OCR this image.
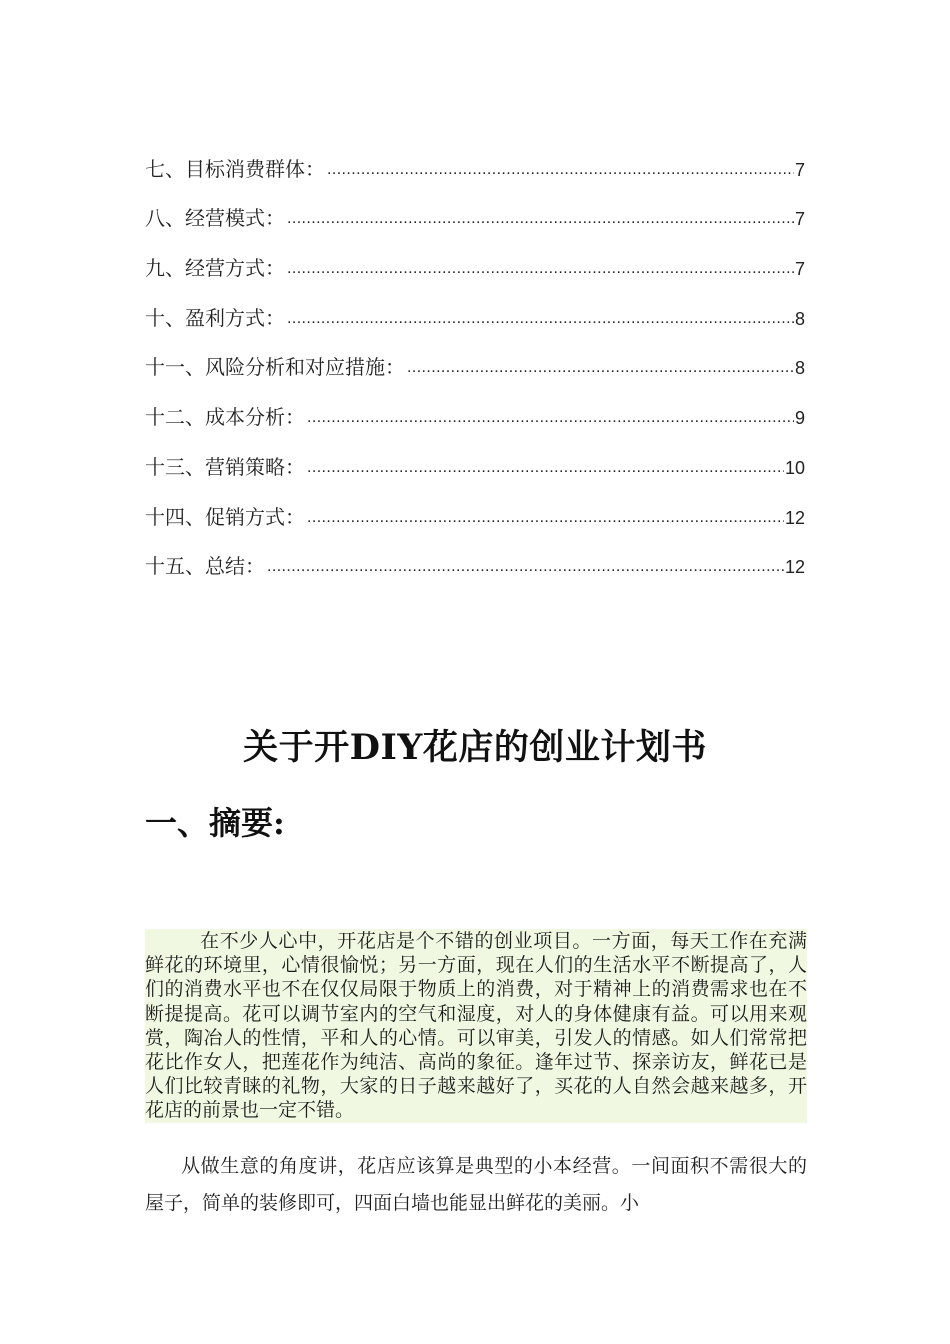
七、目标消费群体： .....	7
八、经营模式： .....	7
九、经营方式： .....	7
十、盈利方式： .....	8
十一、风险分析和对应措施： .....	8
十二、成本分析： .....	9
十三、营销策略： .....	10
十四、促销方式： .....	12
十五、总结： .....	12
关于开DIY花店的创业计划书
一、摘要:
在不少人心中，开花店是个不错的创业项目。一方面，每天工作在充满鲜花的环境里，心情很愉悦；另一方面，现在人们的生活水平不断提高了，人们的消费水平也不在仅仅局限于物质上的消费，对于精神上的消费需求也在不断提提高。花可以调节室内的空气和湿度，对人的身体健康有益。可以用来观赏，陶冶人的性情，平和人的心情。可以审美，引发人的情感。如人们常常把花比作女人，把莲花作为纯洁、高尚的象征。逢年过节、探亲访友，鲜花已是人们比较青睐的礼物，大家的日子越来越好了，买花的人自然会越来越多，开花店的前景也一定不错。
从做生意的角度讲，花店应该算是典型的小本经营。一间面积不需很大的屋子，简单的装修即可，四面白墙也能显出鲜花的美丽。小
